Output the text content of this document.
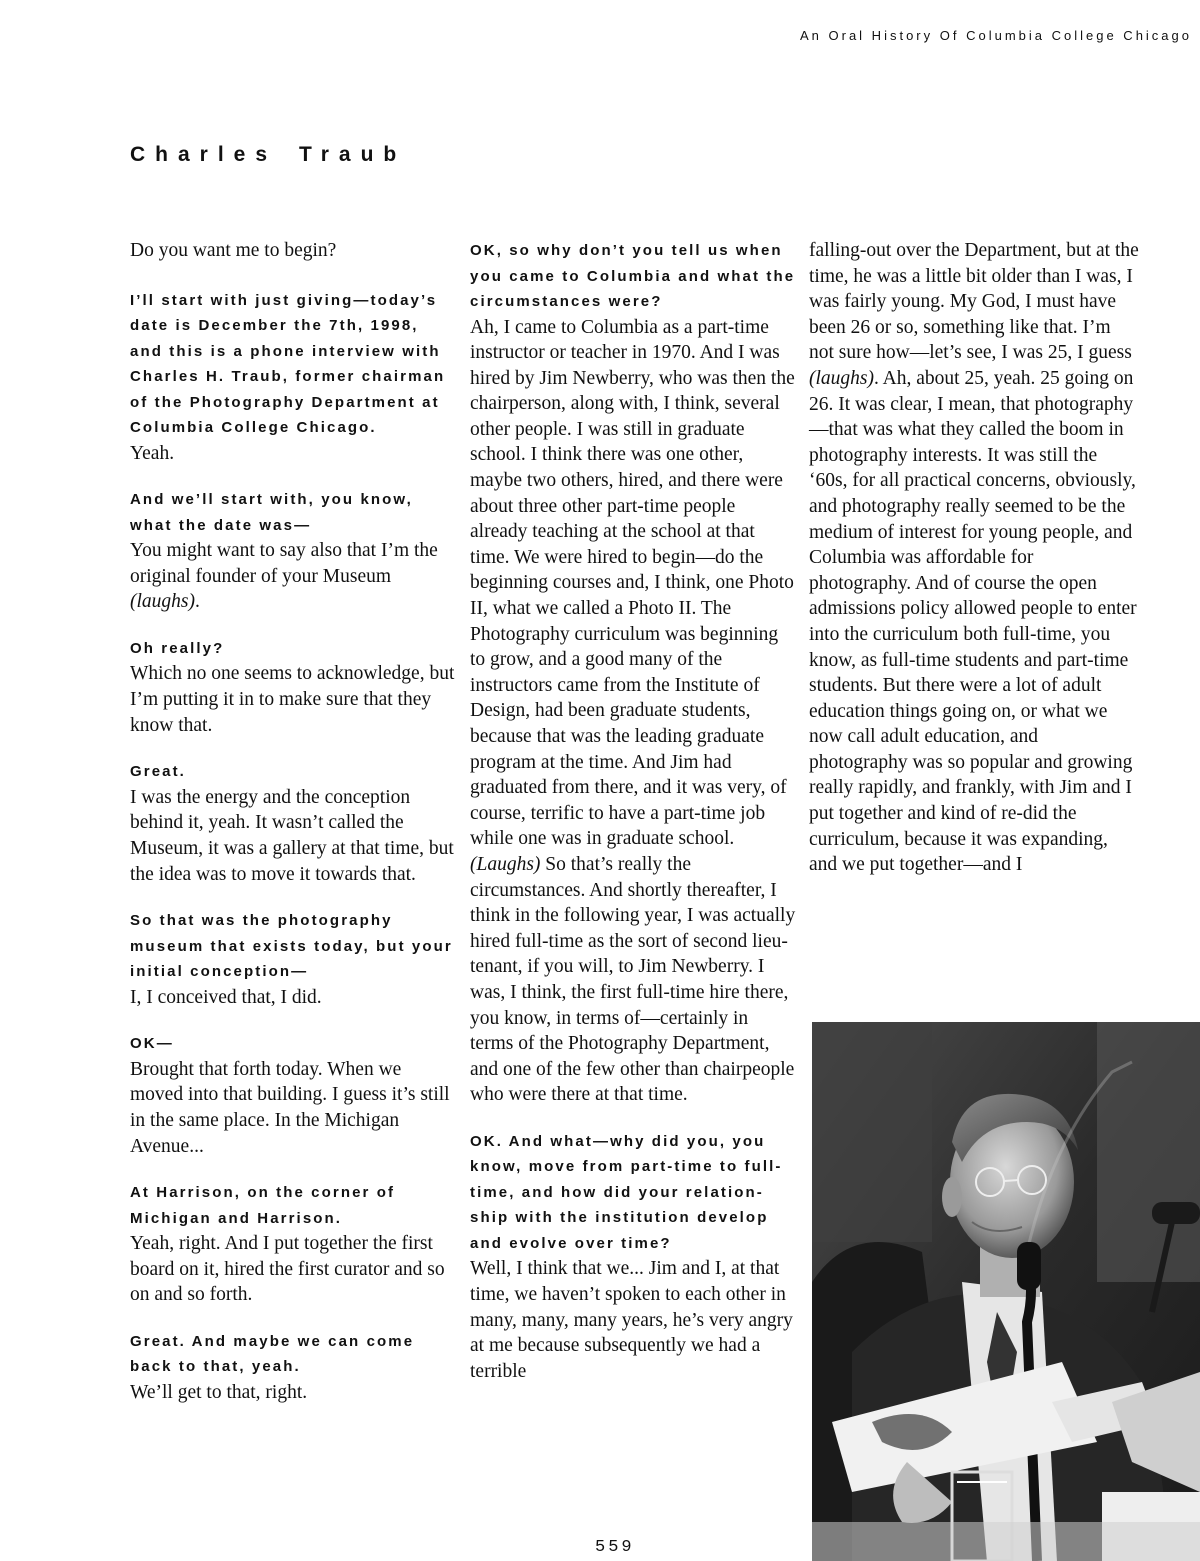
An Oral History Of Columbia College Chicago
Charles Traub

Do you want me to begin?

I’ll start with just giving—today’s date is December the 7th, 1998, and this is a phone interview with Charles H. Traub, former chairman of the Photography Department at Columbia College Chicago.

Yeah.

And we’ll start with, you know, what the date was—

You might want to say also that I’m the original founder of your Museum (laughs).

Oh really?

Which no one seems to acknowledge, but I’m putting it in to make sure that they know that.

Great.

I was the energy and the conception behind it, yeah. It wasn’t called the Museum, it was a gallery at that time, but the idea was to move it towards that.

So that was the photography museum that exists today, but your initial conception—

I, I conceived that, I did.

OK—

Brought that forth today. When we moved into that building. I guess it’s still in the same place. In the Michigan Avenue...

At Harrison, on the corner of Michigan and Harrison.

Yeah, right. And I put together the first board on it, hired the first curator and so on and so forth.

Great. And maybe we can come back to that, yeah.

We’ll get to that, right.

OK, so why don’t you tell us when you came to Columbia and what the circumstances were?

Ah, I came to Columbia as a part-time instructor or teacher in 1970. And I was hired by Jim Newberry, who was then the chairperson, along with, I think, several other people. I was still in graduate school. I think there was one other, maybe two others, hired, and there were about three other part-time people already teaching at the school at that time. We were hired to begin—do the beginning courses and, I think, one Photo II, what we called a Photo II. The Photography curriculum was beginning to grow, and a good many of the instructors came from the Institute of Design, had been graduate students, because that was the leading graduate program at the time. And Jim had graduated from there, and it was very, of course, terrific to have a part-time job while one was in graduate school. (Laughs) So that’s really the circumstances. And shortly thereafter, I think in the following year, I was actually hired full-time as the sort of second lieutenant, if you will, to Jim Newberry. I was, I think, the first full-time hire there, you know, in terms of—certainly in terms of the Photography Department, and one of the few other than chairpeople who were there at that time.

OK. And what—why did you, you know, move from part-time to full-time, and how did your relationship with the institution develop and evolve over time?

Well, I think that we... Jim and I, at that time, we haven’t spoken to each other in many, many, many years, he’s very angry at me because subsequently we had a terrible

falling-out over the Department, but at the time, he was a little bit older than I was, I was fairly young. My God, I must have been 26 or so, something like that. I’m not sure how—let’s see, I was 25, I guess (laughs). Ah, about 25, yeah. 25 going on 26. It was clear, I mean, that photography—that was what they called the boom in photography interests. It was still the ‘60s, for all practical concerns, obviously, and photography really seemed to be the medium of interest for young people, and Columbia was affordable for photography. And of course the open admissions policy allowed people to enter into the curriculum both full-time, you know, as full-time students and part-time students. But there were a lot of adult education things going on, or what we now call adult education, and photography was so popular and growing really rapidly, and frankly, with Jim and I put together and kind of re-did the curriculum, because it was expanding, and we put together—and I

559
